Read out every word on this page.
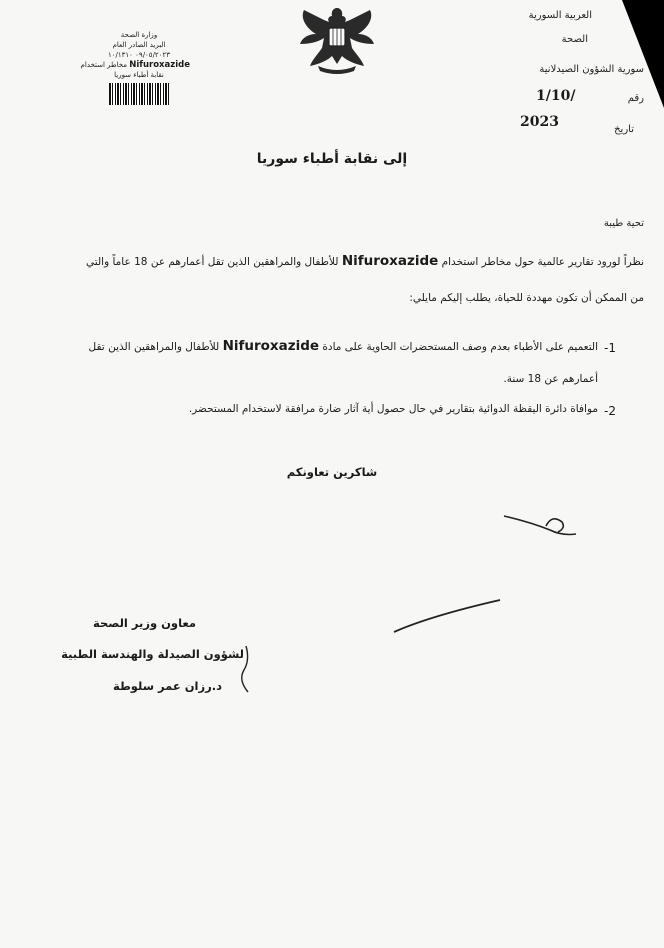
العربية السورية
الصحة
سورية الشؤون الصيدلانية
رقم
1/10/
تاريخ
2023
وزارة الصحة
البريد الصادر العام
٠٩/٠٥/٢٠٢٣ ١٠/١٣١٠
Nifuroxazide مخاطر استخدام
نقابة أطباء سوريا
إلى نقابة أطباء سوريا
تحية طيبة
نظراً لورود تقارير عالمية حول مخاطر استخدام Nifuroxazide للأطفال والمراهقين الذين تقل أعمارهم عن 18 عاماً والتي
من الممكن أن تكون مهددة للحياة، يطلب إليكم مايلي:
-1
التعميم على الأطباء بعدم وصف المستحضرات الحاوية على مادة Nifuroxazide للأطفال والمراهقين الذين تقل
أعمارهم عن 18 سنة.
-2
موافاة دائرة اليقظة الدوائية بتقارير في حال حصول أية آثار ضارة مرافقة لاستخدام المستحضر.
شاكرين تعاونكم
معاون وزير الصحة
لشؤون الصيدلة والهندسة الطبية
د.رزان عمر سلوطة
